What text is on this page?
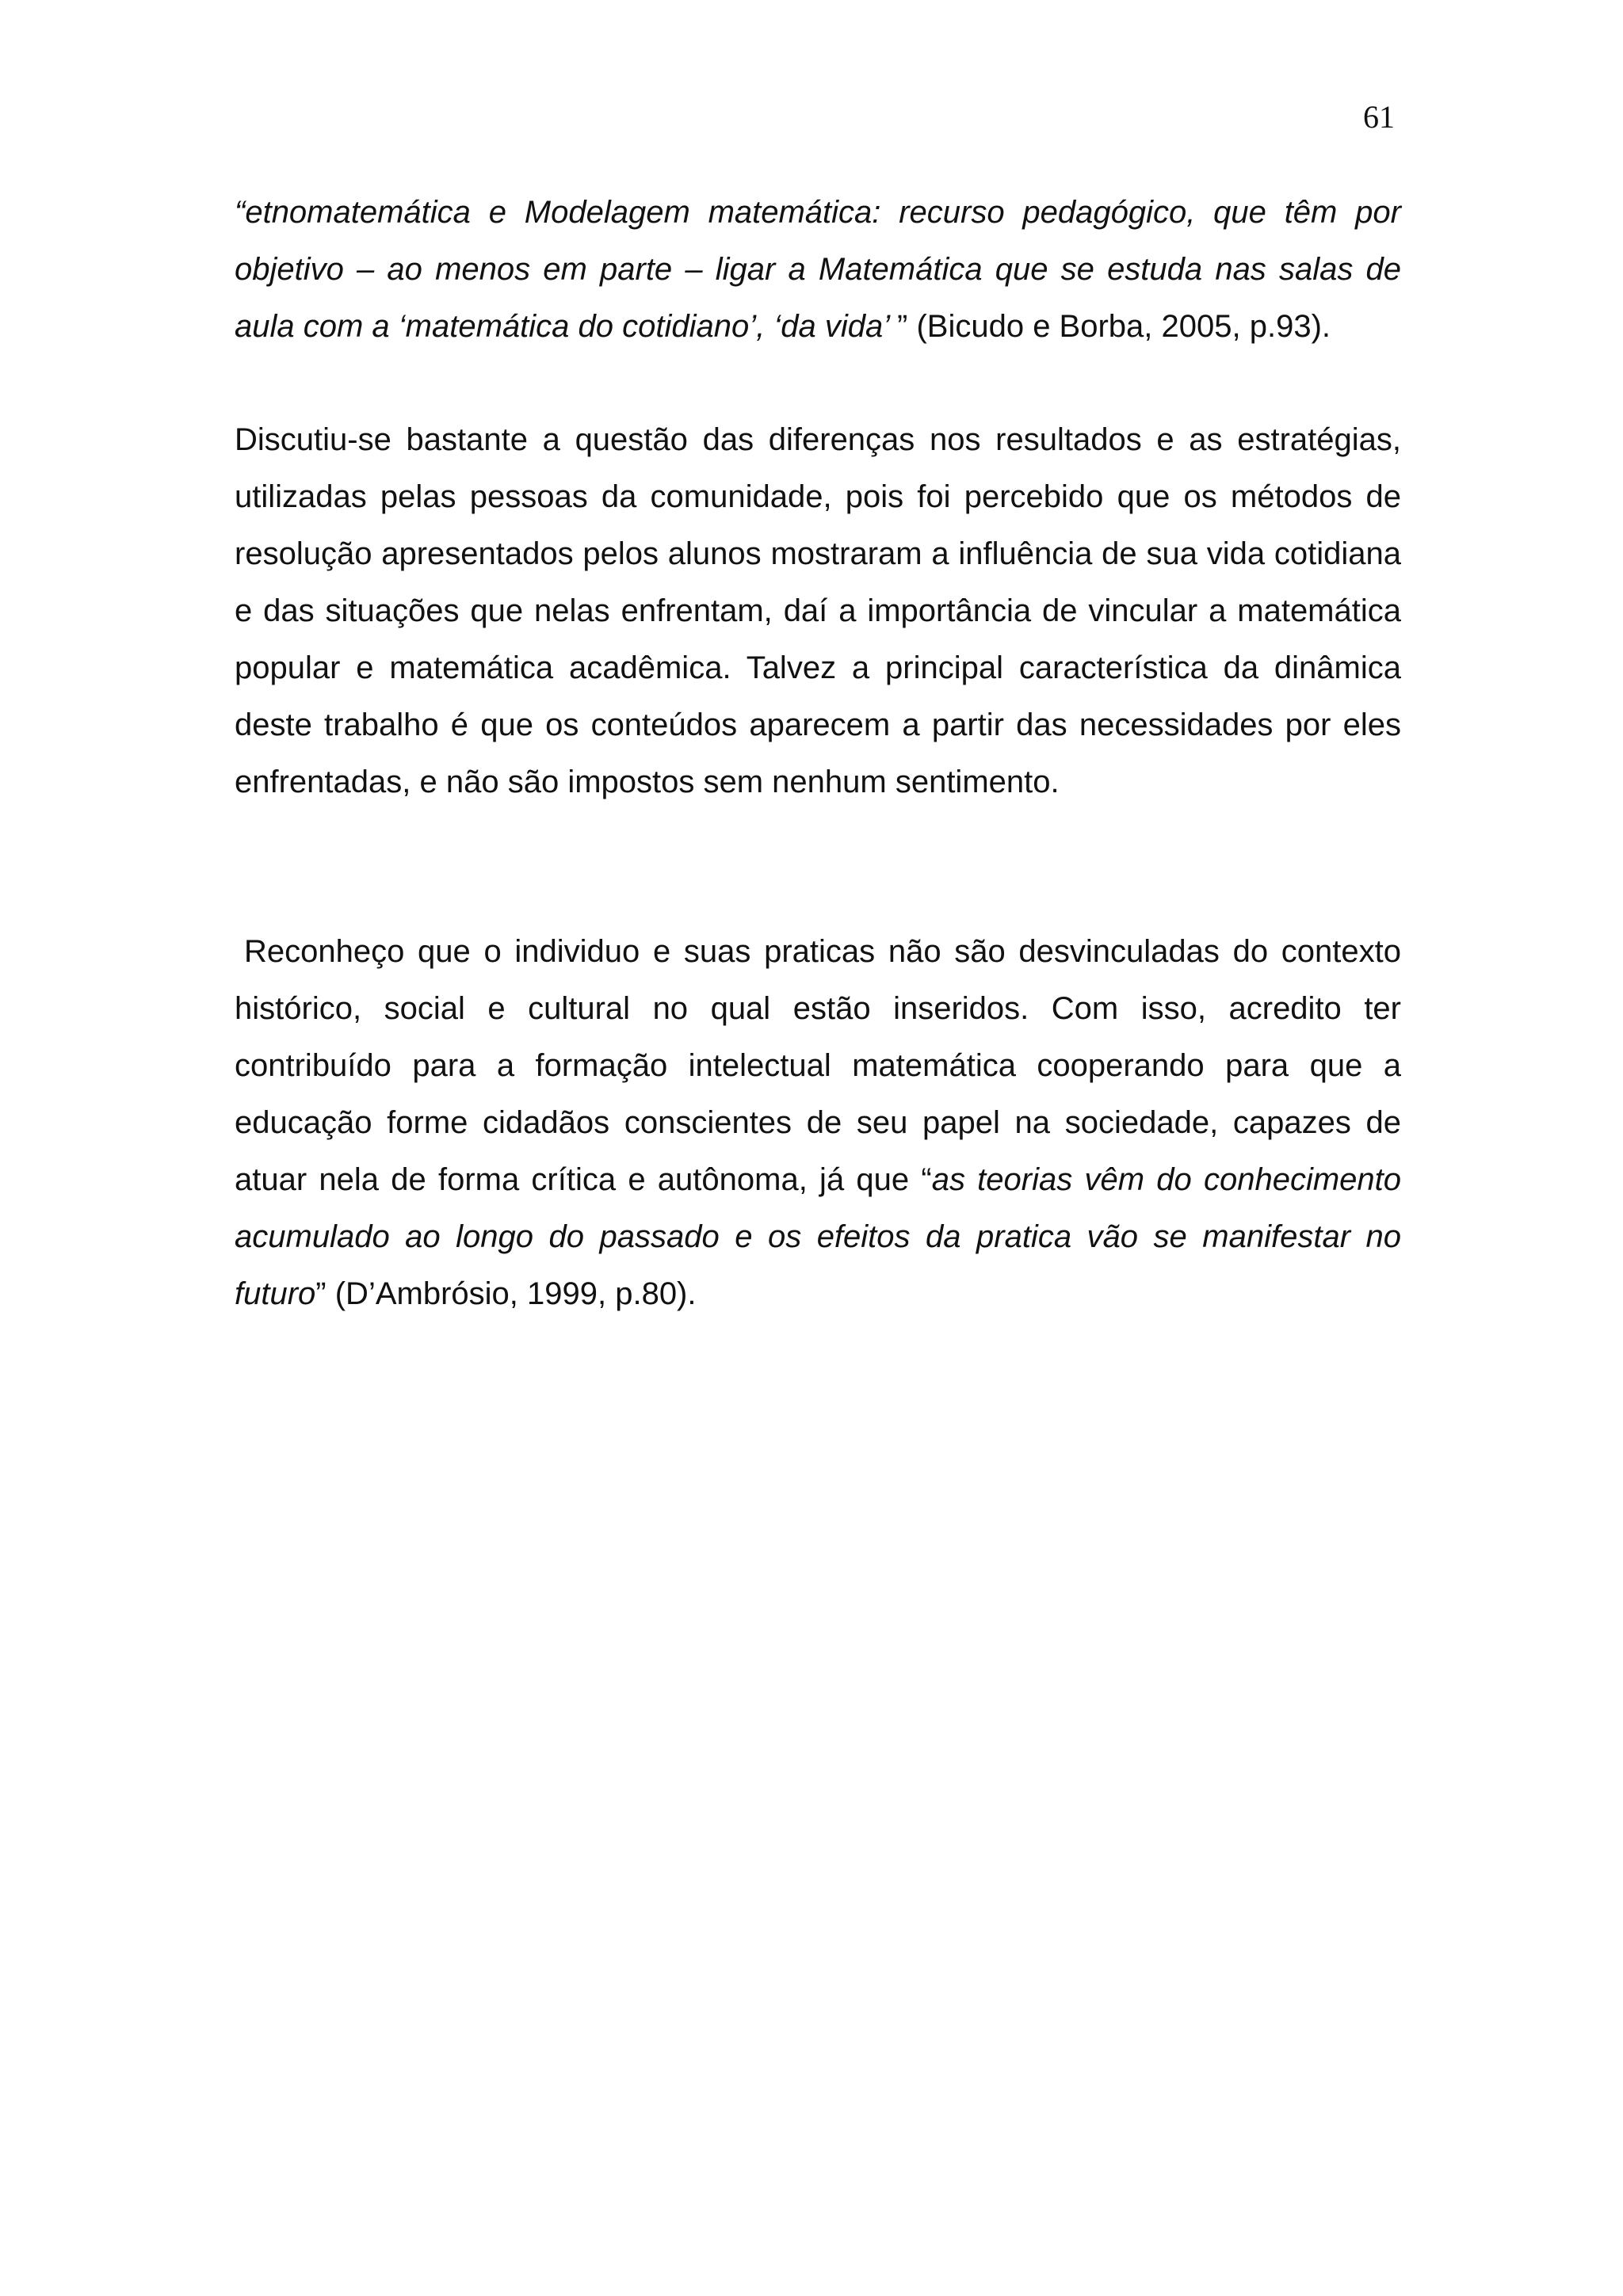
61

“etnomatemática e Modelagem matemática: recurso pedagógico, que têm por objetivo – ao menos em parte – ligar a Matemática que se estuda nas salas de aula com a ‘matemática do cotidiano’, ‘da vida’ ” (Bicudo e Borba, 2005, p.93).

Discutiu-se bastante a questão das diferenças nos resultados e as estratégias, utilizadas pelas pessoas da comunidade, pois foi percebido que os métodos de resolução apresentados pelos alunos mostraram a influência de sua vida cotidiana e das situações que nelas enfrentam, daí a importância de vincular a matemática popular e matemática acadêmica. Talvez a principal característica da dinâmica deste trabalho é que os conteúdos aparecem a partir das necessidades por eles enfrentadas, e não são impostos sem nenhum sentimento.

Reconheço que o individuo e suas praticas não são desvinculadas do contexto histórico, social e cultural no qual estão inseridos. Com isso, acredito ter contribuído para a formação intelectual matemática cooperando para que a educação forme cidadãos conscientes de seu papel na sociedade, capazes de atuar nela de forma crítica e autônoma, já que “as teorias vêm do conhecimento acumulado ao longo do passado e os efeitos da pratica vão se manifestar no futuro” (D’Ambrósio, 1999, p.80).
